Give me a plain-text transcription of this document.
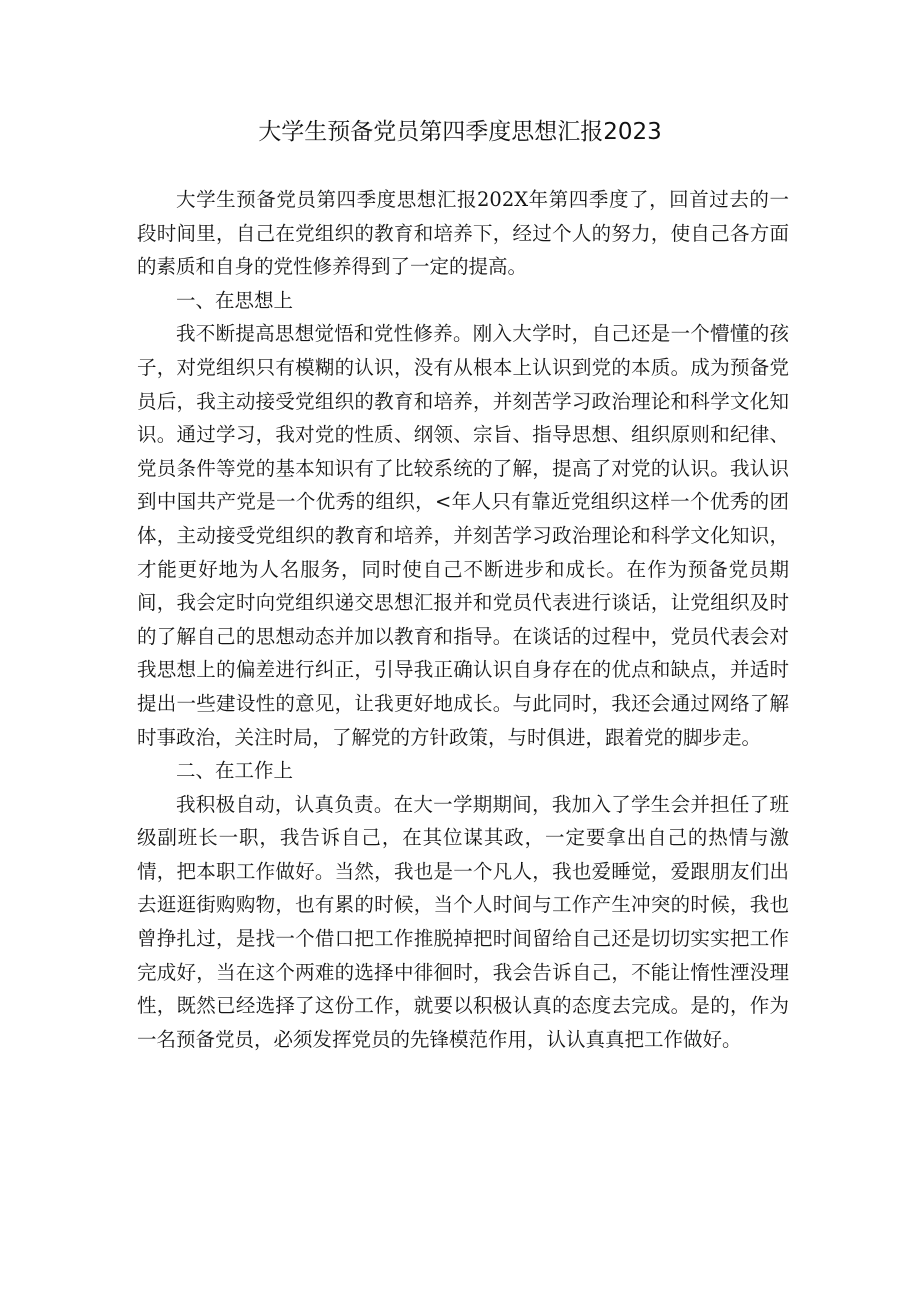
大学生预备党员第四季度思想汇报2023

大学生预备党员第四季度思想汇报202X年第四季度了，回首过去的一段时间里，自己在党组织的教育和培养下，经过个人的努力，使自己各方面的素质和自身的党性修养得到了一定的提高。

一、在思想上

我不断提高思想觉悟和党性修养。刚入大学时，自己还是一个懵懂的孩子，对党组织只有模糊的认识，没有从根本上认识到党的本质。成为预备党员后，我主动接受党组织的教育和培养，并刻苦学习政治理论和科学文化知识。通过学习，我对党的性质、纲领、宗旨、指导思想、组织原则和纪律、党员条件等党的基本知识有了比较系统的了解，提高了对党的认识。我认识到中国共产党是一个优秀的组织，<年人只有靠近党组织这样一个优秀的团体，主动接受党组织的教育和培养，并刻苦学习政治理论和科学文化知识，才能更好地为人名服务，同时使自己不断进步和成长。在作为预备党员期间，我会定时向党组织递交思想汇报并和党员代表进行谈话，让党组织及时的了解自己的思想动态并加以教育和指导。在谈话的过程中，党员代表会对我思想上的偏差进行纠正，引导我正确认识自身存在的优点和缺点，并适时提出一些建设性的意见，让我更好地成长。与此同时，我还会通过网络了解时事政治，关注时局，了解党的方针政策，与时俱进，跟着党的脚步走。

二、在工作上

我积极自动，认真负责。在大一学期期间，我加入了学生会并担任了班级副班长一职，我告诉自己，在其位谋其政，一定要拿出自己的热情与激情，把本职工作做好。当然，我也是一个凡人，我也爱睡觉，爱跟朋友们出去逛逛街购购物，也有累的时候，当个人时间与工作产生冲突的时候，我也曾挣扎过，是找一个借口把工作推脱掉把时间留给自己还是切切实实把工作完成好，当在这个两难的选择中徘徊时，我会告诉自己，不能让惰性湮没理性，既然已经选择了这份工作，就要以积极认真的态度去完成。是的，作为一名预备党员，必须发挥党员的先锋模范作用，认认真真把工作做好。
